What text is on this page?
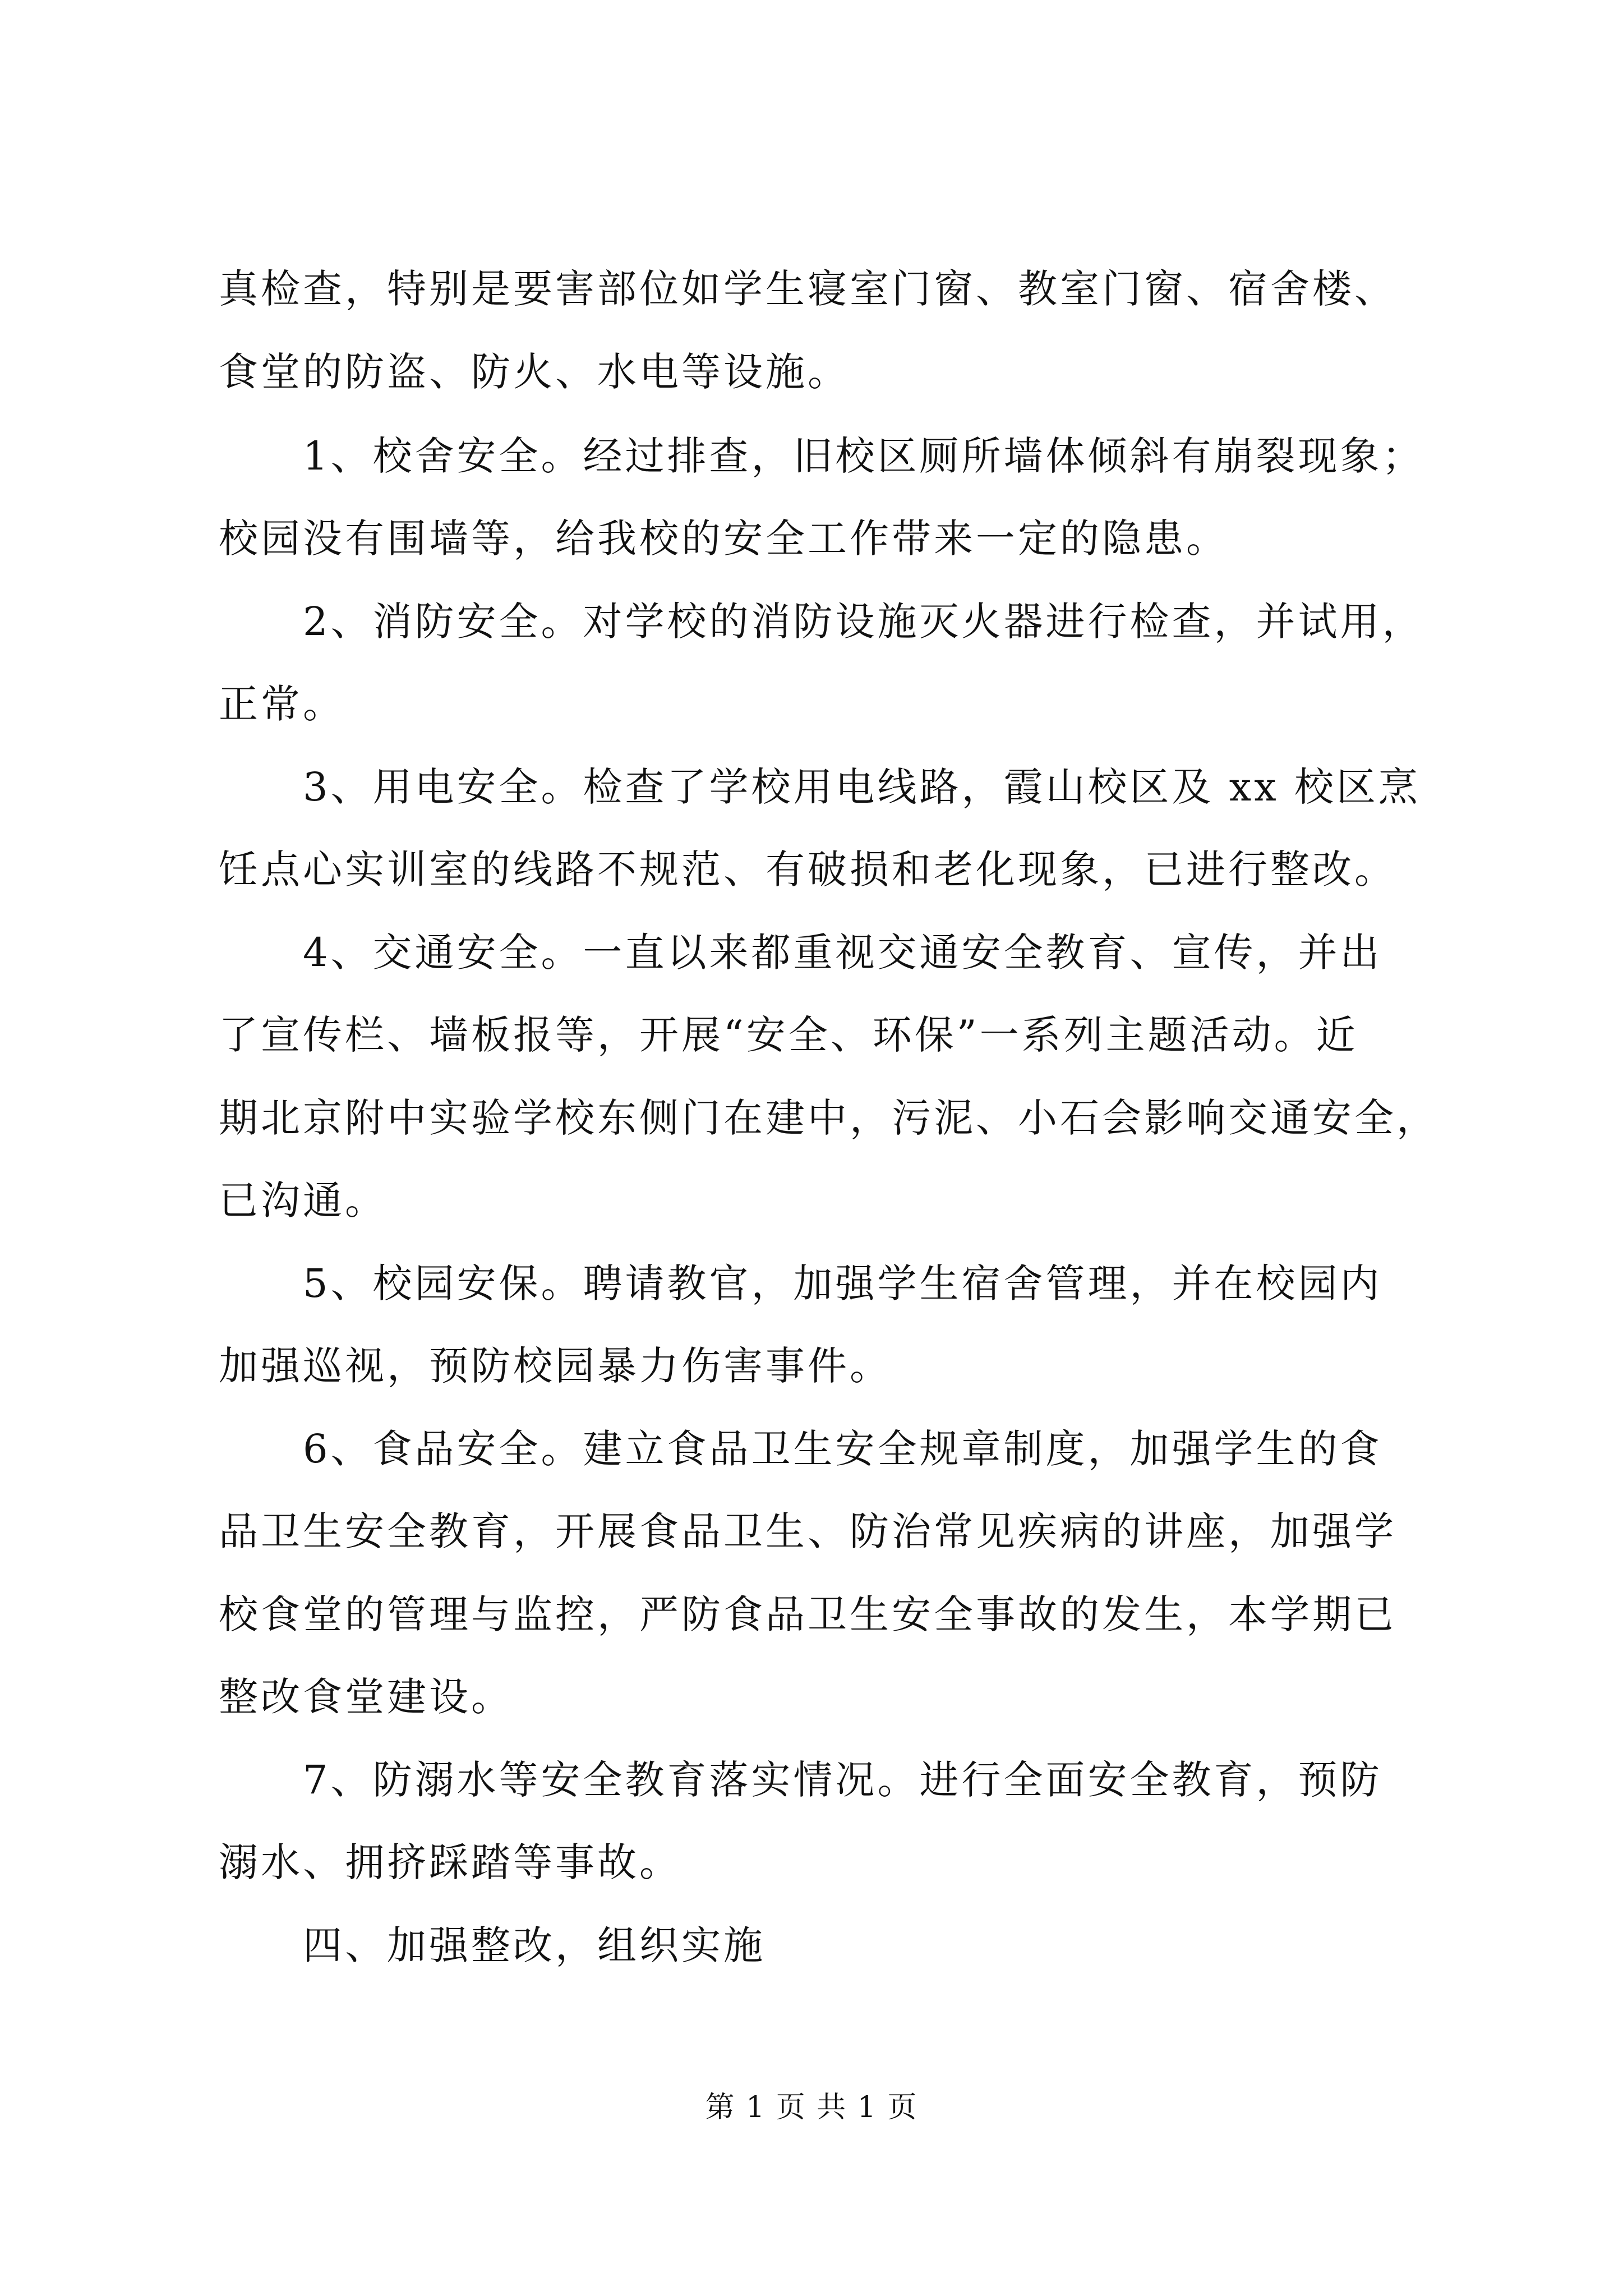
真检查，特别是要害部位如学生寝室门窗、教室门窗、宿舍楼、
食堂的防盗、防火、水电等设施。
1、校舍安全。经过排查，旧校区厕所墙体倾斜有崩裂现象；
校园没有围墙等，给我校的安全工作带来一定的隐患。
2、消防安全。对学校的消防设施灭火器进行检查，并试用，
正常。
3、用电安全。检查了学校用电线路，霞山校区及 xx 校区烹
饪点心实训室的线路不规范、有破损和老化现象，已进行整改。
4、交通安全。一直以来都重视交通安全教育、宣传，并出
了宣传栏、墙板报等，开展“安全、环保”一系列主题活动。近
期北京附中实验学校东侧门在建中，污泥、小石会影响交通安全，
已沟通。
5、校园安保。聘请教官，加强学生宿舍管理，并在校园内
加强巡视，预防校园暴力伤害事件。
6、食品安全。建立食品卫生安全规章制度，加强学生的食
品卫生安全教育，开展食品卫生、防治常见疾病的讲座，加强学
校食堂的管理与监控，严防食品卫生安全事故的发生，本学期已
整改食堂建设。
7、防溺水等安全教育落实情况。进行全面安全教育，预防
溺水、拥挤踩踏等事故。
四、加强整改，组织实施
第 1 页 共 1 页
